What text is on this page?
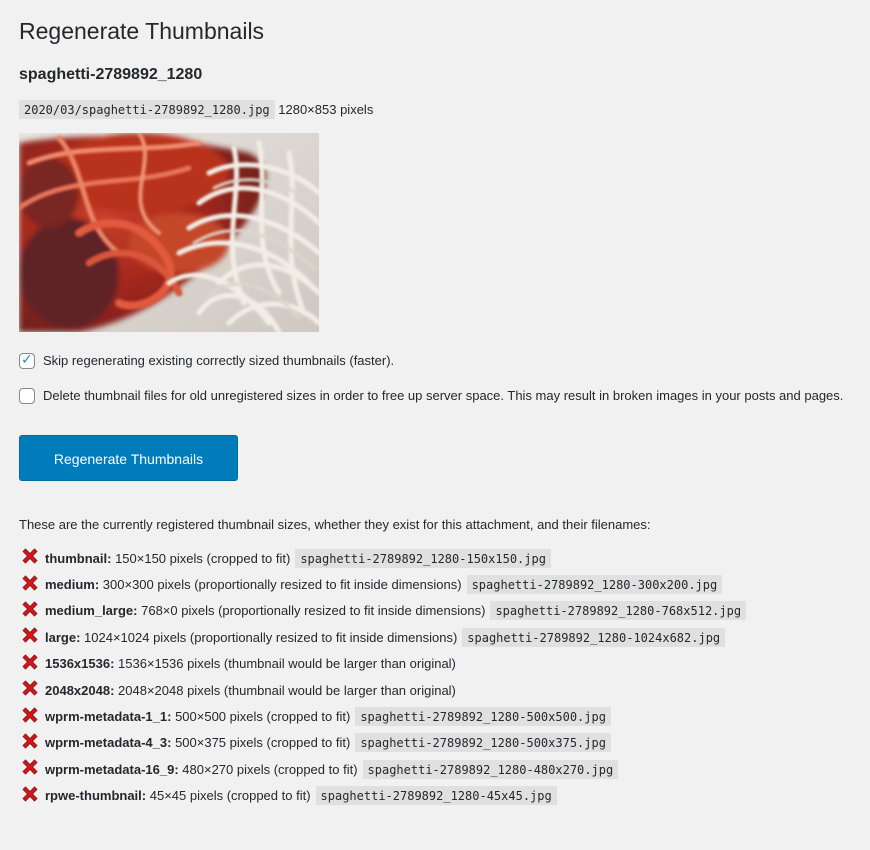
Regenerate Thumbnails
spaghetti-2789892_1280
2020/03/spaghetti-2789892_1280.jpg 1280×853 pixels
✓ Skip regenerating existing correctly sized thumbnails (faster).
Delete thumbnail files for old unregistered sizes in order to free up server space. This may result in broken images in your posts and pages.
Regenerate Thumbnails

These are the currently registered thumbnail sizes, whether they exist for this attachment, and their filenames:

thumbnail:
150×150 pixels (cropped to fit) spaghetti-2789892_1280-150x150.jpg
medium:
300×300 pixels (proportionally resized to fit inside dimensions) spaghetti-2789892_1280-300x200.jpg
medium_large:
768×0 pixels (proportionally resized to fit inside dimensions) spaghetti-2789892_1280-768x512.jpg
large:
1024×1024 pixels (proportionally resized to fit inside dimensions) spaghetti-2789892_1280-1024x682.jpg
1536x1536:
1536×1536 pixels (thumbnail would be larger than original)
2048x2048:
2048×2048 pixels (thumbnail would be larger than original)
wprm-metadata-1_1:
500×500 pixels (cropped to fit) spaghetti-2789892_1280-500x500.jpg
wprm-metadata-4_3:
500×375 pixels (cropped to fit) spaghetti-2789892_1280-500x375.jpg
wprm-metadata-16_9:
480×270 pixels (cropped to fit) spaghetti-2789892_1280-480x270.jpg
rpwe-thumbnail:
45×45 pixels (cropped to fit) spaghetti-2789892_1280-45x45.jpg
